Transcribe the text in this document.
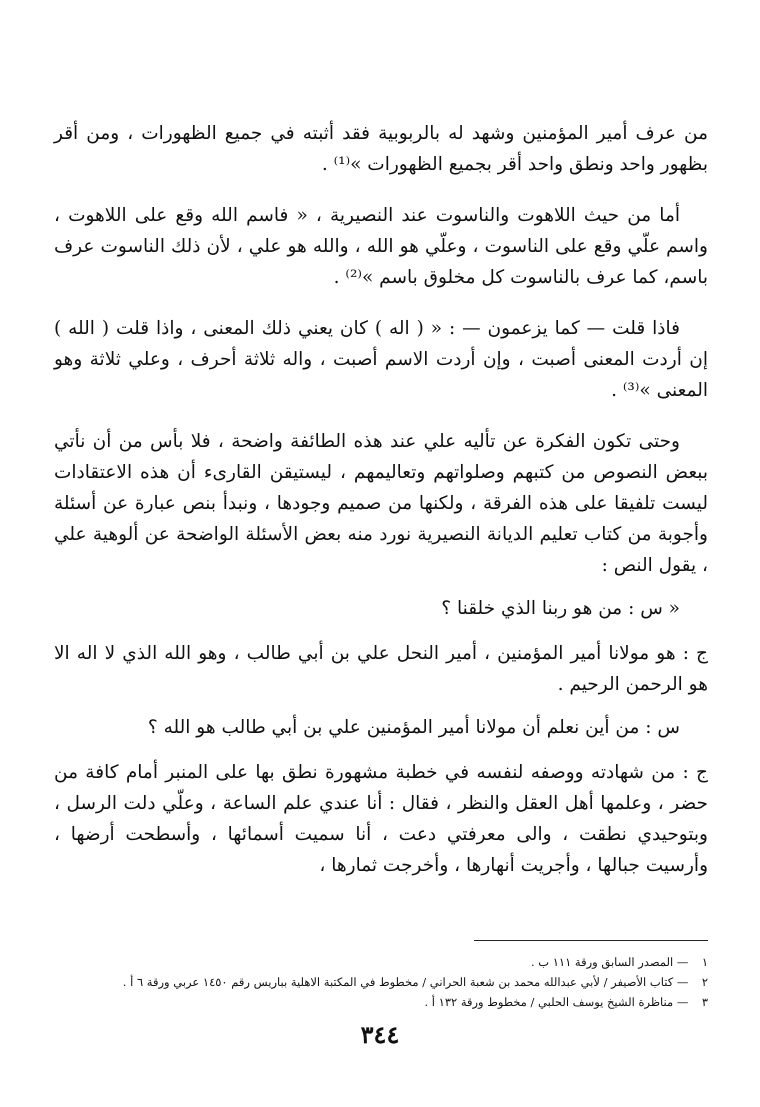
من عرف أمير المؤمنين وشهد له بالربوبية فقد أثبته في جميع الظهورات ، ومن أقر بظهور واحد ونطق واحد أقر بجميع الظهورات »⁽¹⁾ .

أما من حيث اللاهوت والناسوت عند النصيرية ، « فاسم الله وقع على اللاهوت ، واسم علّي وقع على الناسوت ، وعلّي هو الله ، والله هو علي ، لأن ذلك الناسوت عرف باسم، كما عرف بالناسوت كل مخلوق باسم »⁽²⁾ .

فاذا قلت — كما يزعمون — : « ( اله ) كان يعني ذلك المعنى ، واذا قلت ( الله ) إن أردت المعنى أصبت ، وإن أردت الاسم أصبت ، واله ثلاثة أحرف ، وعلي ثلاثة وهو المعنى »⁽³⁾ .

وحتى تكون الفكرة عن تأليه علي عند هذه الطائفة واضحة ، فلا بأس من أن نأتي ببعض النصوص من كتبهم وصلواتهم وتعاليمهم ، ليستيقن القارىء أن هذه الاعتقادات ليست تلفيقا على هذه الفرقة ، ولكنها من صميم وجودها ، ونبدأ بنص عبارة عن أسئلة وأجوبة من كتاب تعليم الديانة النصيرية نورد منه بعض الأسئلة الواضحة عن ألوهية علي ، يقول النص :

« س : من هو ربنا الذي خلقنا ؟

ج : هو مولانا أمير المؤمنين ، أمير النحل علي بن أبي طالب ، وهو الله الذي لا اله الا هو الرحمن الرحيم .

س : من أين نعلم أن مولانا أمير المؤمنين علي بن أبي طالب هو الله ؟

ج : من شهادته ووصفه لنفسه في خطبة مشهورة نطق بها على المنبر أمام كافة من حضر ، وعلمها أهل العقل والنظر ، فقال : أنا عندي علم الساعة ، وعلّي دلت الرسل ، وبتوحيدي نطقت ، والى معرفتي دعت ، أنا سميت أسمائها ، وأسطحت أرضها ، وأرسيت جبالها ، وأجريت أنهارها ، وأخرجت ثمارها ،

١ — المصدر السابق ورقة ١١١ ب .

٢ — كتاب الأصيفر / لأبي عبدالله محمد بن شعبة الحراني / مخطوط في المكتبة الاهلية بباريس رقم ١٤٥٠ عربي ورقة ٦ أ .

٣ — مناظرة الشيخ يوسف الحلبي / مخطوط ورقة ١٣٢ أ .

٣٤٤
